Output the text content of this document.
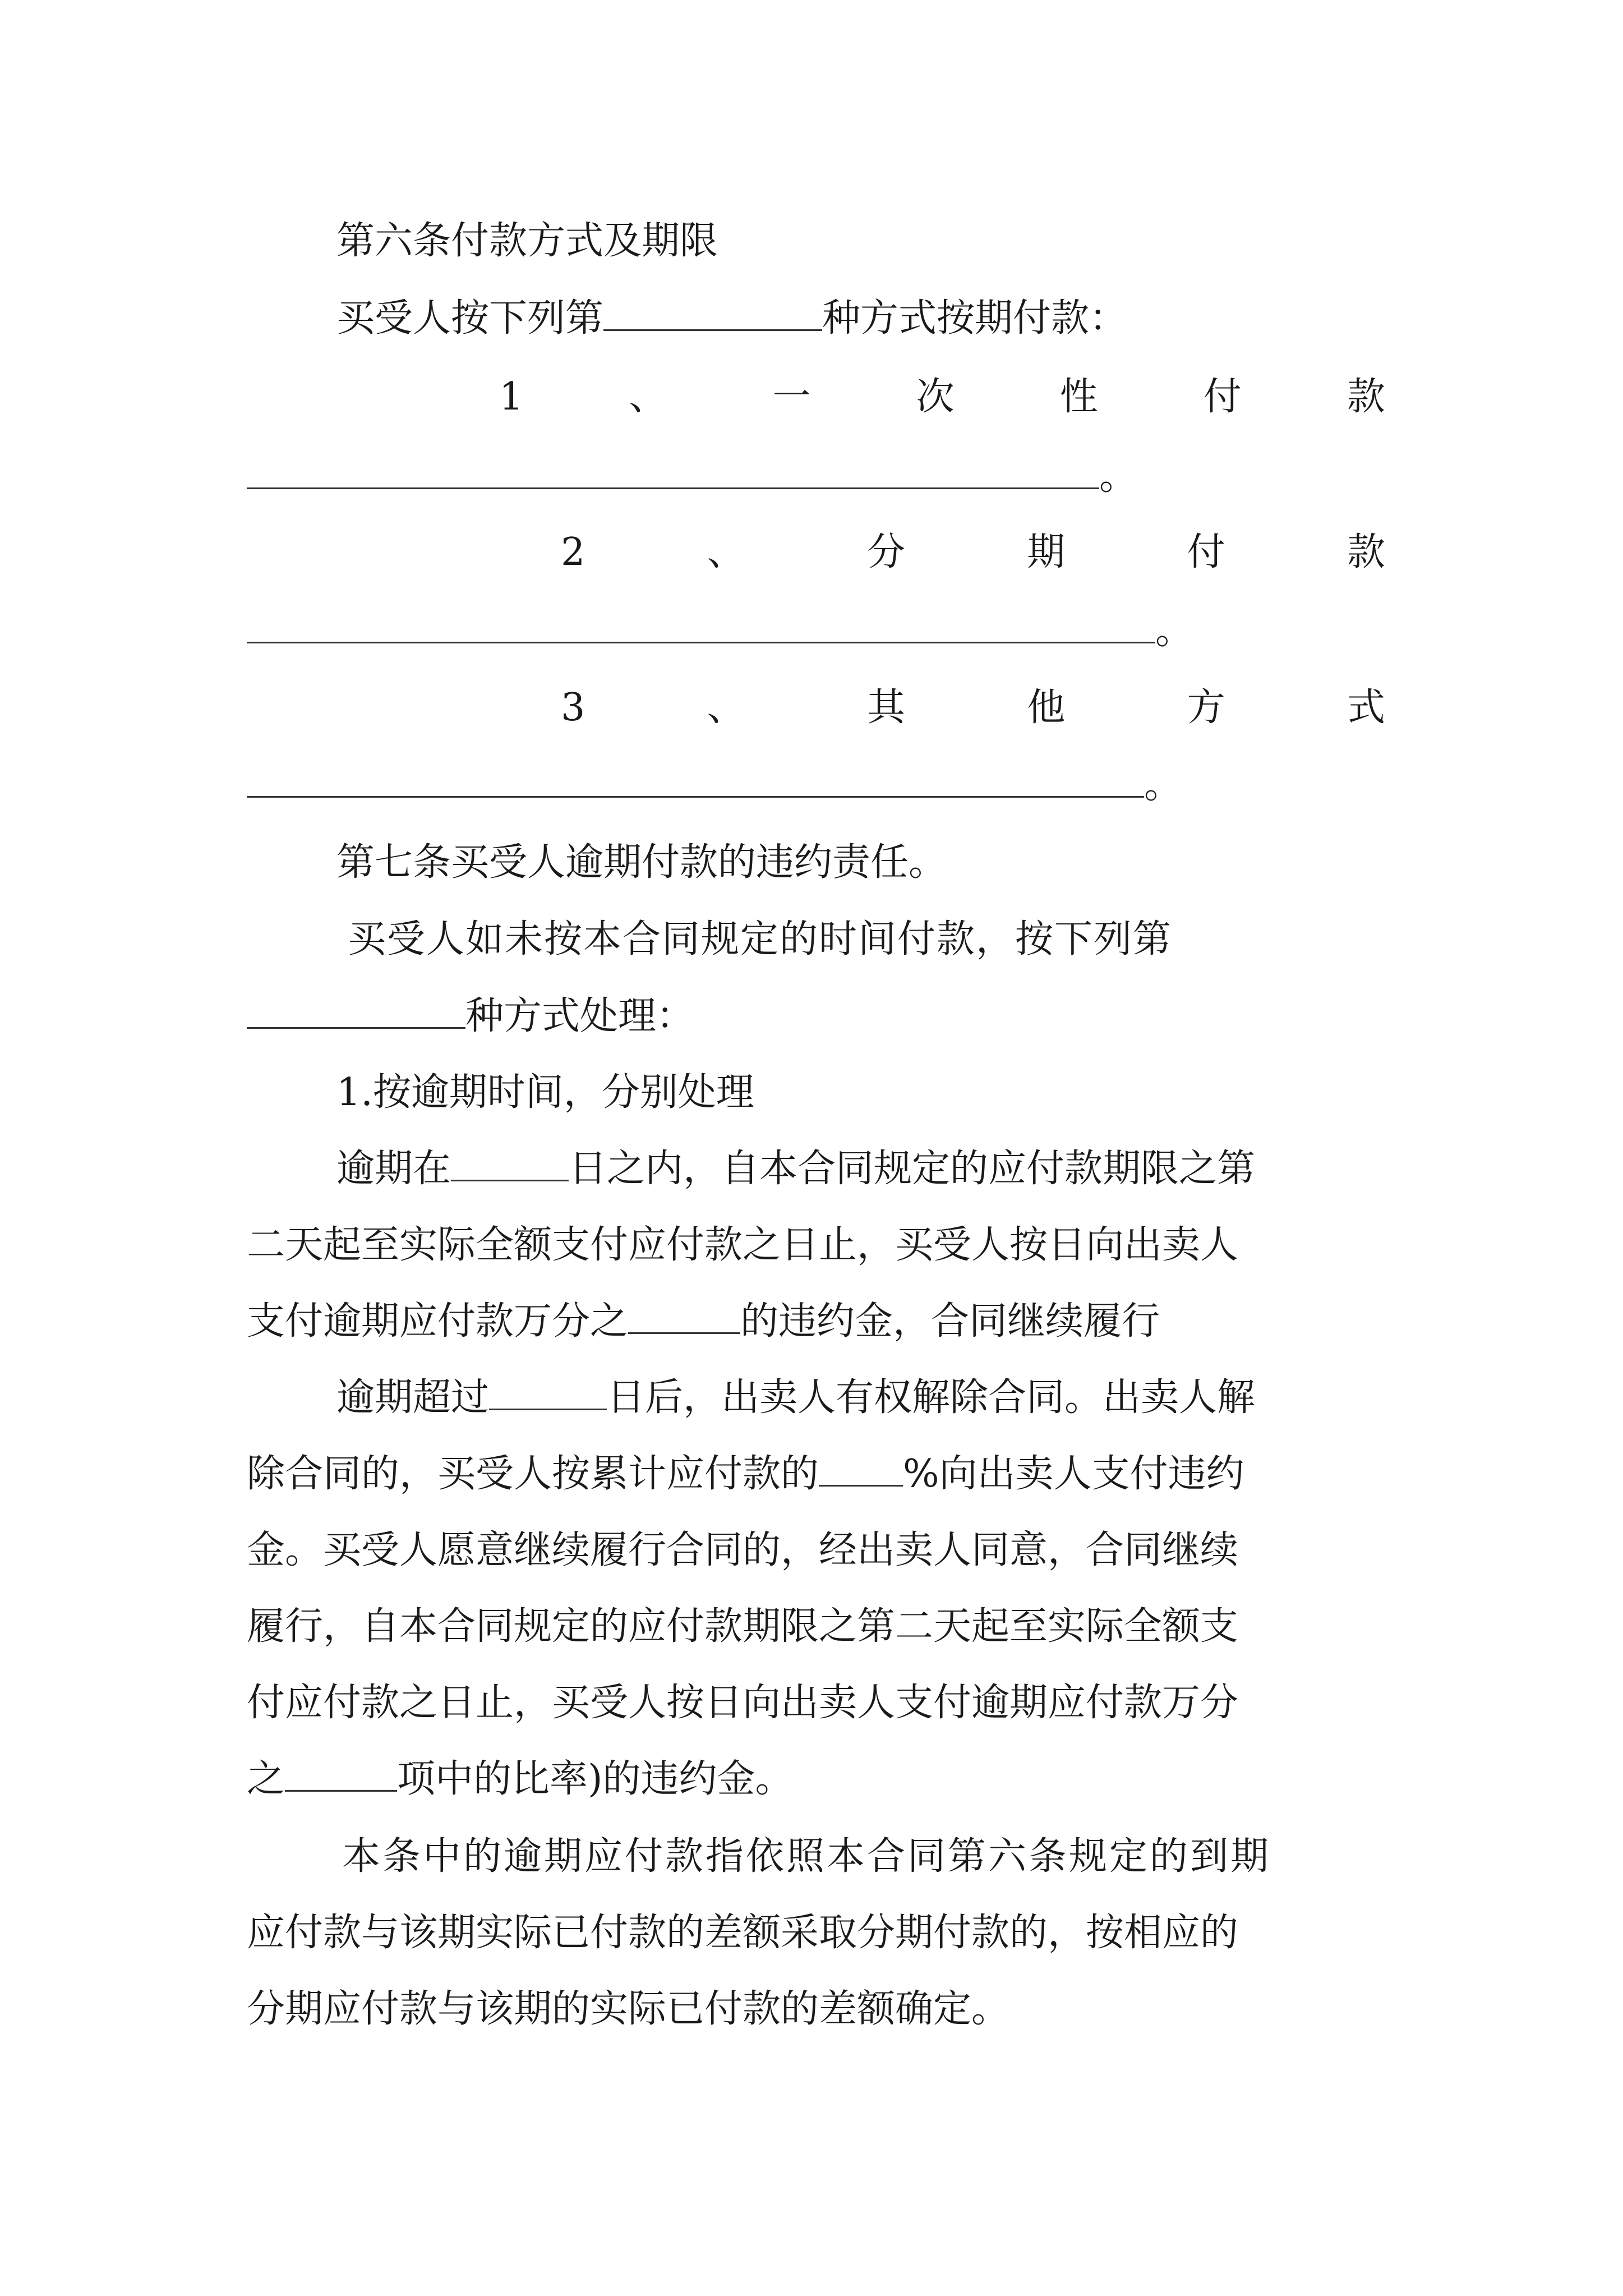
第六条付款方式及期限
买受人按下列第	种方式按期付款：
1	、	一	次	性	付	款
。
2	、	分	期	付	款
。
3	、	其	他	方	式
。
第七条买受人逾期付款的违约责任。
买受人如未按本合同规定的时间付款，按下列第
种方式处理：
1.按逾期时间，分别处理
逾期在	日之内，自本合同规定的应付款期限之第
二天起至实际全额支付应付款之日止，买受人按日向出卖人
支付逾期应付款万分之	的违约金，合同继续履行
逾期超过	日后，出卖人有权解除合同。出卖人解
除合同的，买受人按累计应付款的 %向出卖人支付违约
金。买受人愿意继续履行合同的，经出卖人同意，合同继续
履行，自本合同规定的应付款期限之第二天起至实际全额支
付应付款之日止，买受人按日向出卖人支付逾期应付款万分
之	项中的比率)的违约金。
本条中的逾期应付款指依照本合同第六条规定的到期
应付款与该期实际已付款的差额采取分期付款的，按相应的
分期应付款与该期的实际已付款的差额确定。
